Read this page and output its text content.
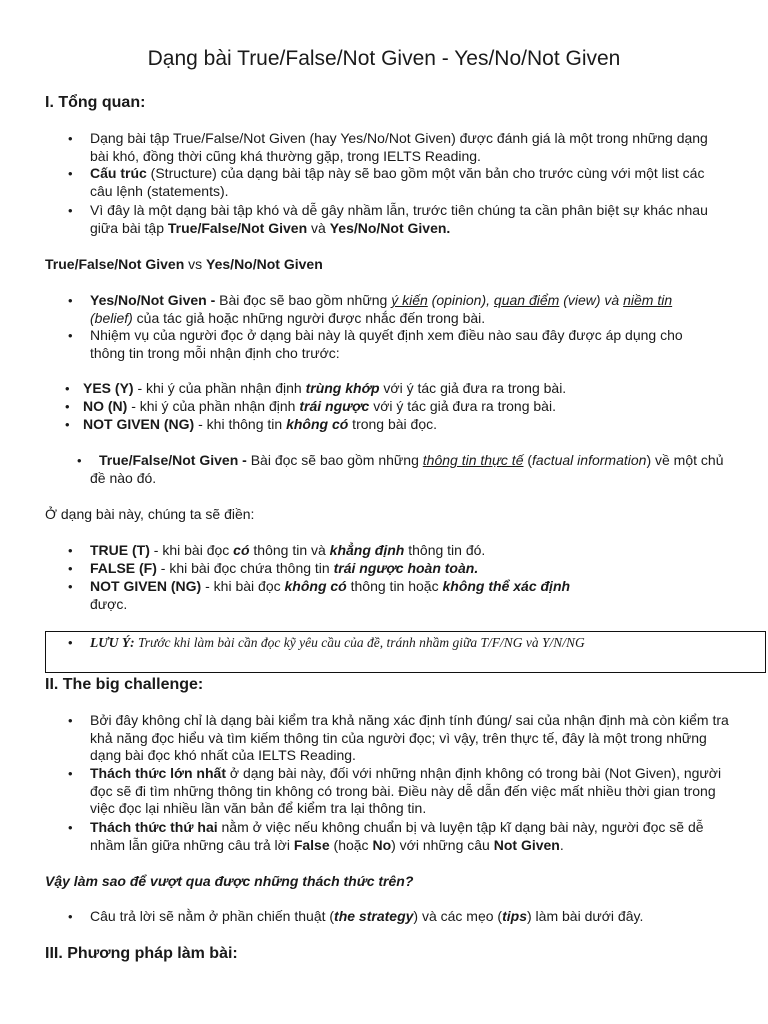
Dạng bài True/False/Not Given - Yes/No/Not Given
I. Tổng quan:
• Dạng bài tập True/False/Not Given (hay Yes/No/Not Given) được đánh giá là một trong những dạng bài khó, đồng thời cũng khá thường gặp, trong IELTS Reading.
• Cấu trúc (Structure) của dạng bài tập này sẽ bao gồm một văn bản cho trước cùng với một list các câu lệnh (statements).
• Vì đây là một dạng bài tập khó và dễ gây nhầm lẫn, trước tiên chúng ta cần phân biệt sự khác nhau giữa bài tập True/False/Not Given và Yes/No/Not Given.
True/False/Not Given vs Yes/No/Not Given
• Yes/No/Not Given - Bài đọc sẽ bao gồm những ý kiến (opinion), quan điểm (view) và niềm tin (belief) của tác giả hoặc những người được nhắc đến trong bài.
• Nhiệm vụ của người đọc ở dạng bài này là quyết định xem điều nào sau đây được áp dụng cho thông tin trong mỗi nhận định cho trước:
• YES (Y) - khi ý của phần nhận định trùng khớp với ý tác giả đưa ra trong bài.
• NO (N) - khi ý của phần nhận định trái ngược với ý tác giả đưa ra trong bài.
• NOT GIVEN (NG) - khi thông tin không có trong bài đọc.
• True/False/Not Given - Bài đọc sẽ bao gồm những thông tin thực tế (factual information) về một chủ đề nào đó.
Ở dạng bài này, chúng ta sẽ điền:
• TRUE (T) - khi bài đọc có thông tin và khẳng định thông tin đó.
• FALSE (F) - khi bài đọc chứa thông tin trái ngược hoàn toàn.
• NOT GIVEN (NG) - khi bài đọc không có thông tin hoặc không thể xác định được.
• LƯU Ý: Trước khi làm bài cần đọc kỹ yêu cầu của đề, tránh nhầm giữa T/F/NG và Y/N/NG
II. The big challenge:
• Bởi đây không chỉ là dạng bài kiểm tra khả năng xác định tính đúng/ sai của nhận định mà còn kiểm tra khả năng đọc hiểu và tìm kiếm thông tin của người đọc; vì vậy, trên thực tế, đây là một trong những dạng bài đọc khó nhất của IELTS Reading.
• Thách thức lớn nhất ở dạng bài này, đối với những nhận định không có trong bài (Not Given), người đọc sẽ đi tìm những thông tin không có trong bài. Điều này dễ dẫn đến việc mất nhiều thời gian trong việc đọc lại nhiều lần văn bản để kiểm tra lại thông tin.
• Thách thức thứ hai nằm ở việc nếu không chuẩn bị và luyện tập kĩ dạng bài này, người đọc sẽ dễ nhầm lẫn giữa những câu trả lời False (hoặc No) với những câu Not Given.
Vậy làm sao để vượt qua được những thách thức trên?
• Câu trả lời sẽ nằm ở phần chiến thuật (the strategy) và các mẹo (tips) làm bài dưới đây.
III. Phương pháp làm bài:
